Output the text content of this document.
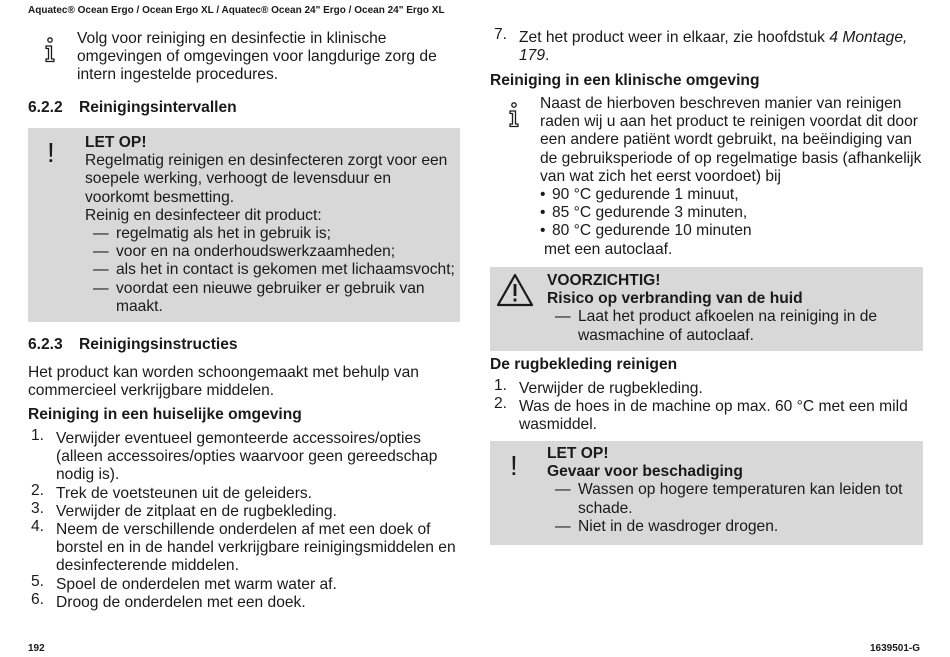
Aquatec® Ocean Ergo / Ocean Ergo XL / Aquatec® Ocean 24" Ergo / Ocean 24" Ergo XL
Volg voor reiniging en desinfectie in klinische omgevingen of omgevingen voor langdurige zorg de intern ingestelde procedures.
6.2.2 Reinigingsintervallen
! LET OP!
Regelmatig reinigen en desinfecteren zorgt voor een soepele werking, verhoogt de levensduur en voorkomt besmetting.
Reinig en desinfecteer dit product:
— regelmatig als het in gebruik is;
— voor en na onderhoudswerkzaamheden;
— als het in contact is gekomen met lichaamsvocht;
— voordat een nieuwe gebruiker er gebruik van maakt.
6.2.3 Reinigingsinstructies
Het product kan worden schoongemaakt met behulp van commercieel verkrijgbare middelen.
Reiniging in een huiselijke omgeving
1. Verwijder eventueel gemonteerde accessoires/opties (alleen accessoires/opties waarvoor geen gereedschap nodig is).
2. Trek de voetsteunen uit de geleiders.
3. Verwijder de zitplaat en de rugbekleding.
4. Neem de verschillende onderdelen af met een doek of borstel en in de handel verkrijgbare reinigingsmiddelen en desinfecterende middelen.
5. Spoel de onderdelen met warm water af.
6. Droog de onderdelen met een doek.
7. Zet het product weer in elkaar, zie hoofdstuk 4 Montage, 179.
Reiniging in een klinische omgeving
Naast de hierboven beschreven manier van reinigen raden wij u aan het product te reinigen voordat dit door een andere patiënt wordt gebruikt, na beëindiging van de gebruiksperiode of op regelmatige basis (afhankelijk van wat zich het eerst voordoet) bij
• 90 °C gedurende 1 minuut,
• 85 °C gedurende 3 minuten,
• 80 °C gedurende 10 minuten
met een autoclaaf.
VOORZICHTIG!
Risico op verbranding van de huid
— Laat het product afkoelen na reiniging in de wasmachine of autoclaaf.
De rugbekleding reinigen
1. Verwijder de rugbekleding.
2. Was de hoes in de machine op max. 60 °C met een mild wasmiddel.
! LET OP!
Gevaar voor beschadiging
— Wassen op hogere temperaturen kan leiden tot schade.
— Niet in de wasdroger drogen.
192	1639501-G
